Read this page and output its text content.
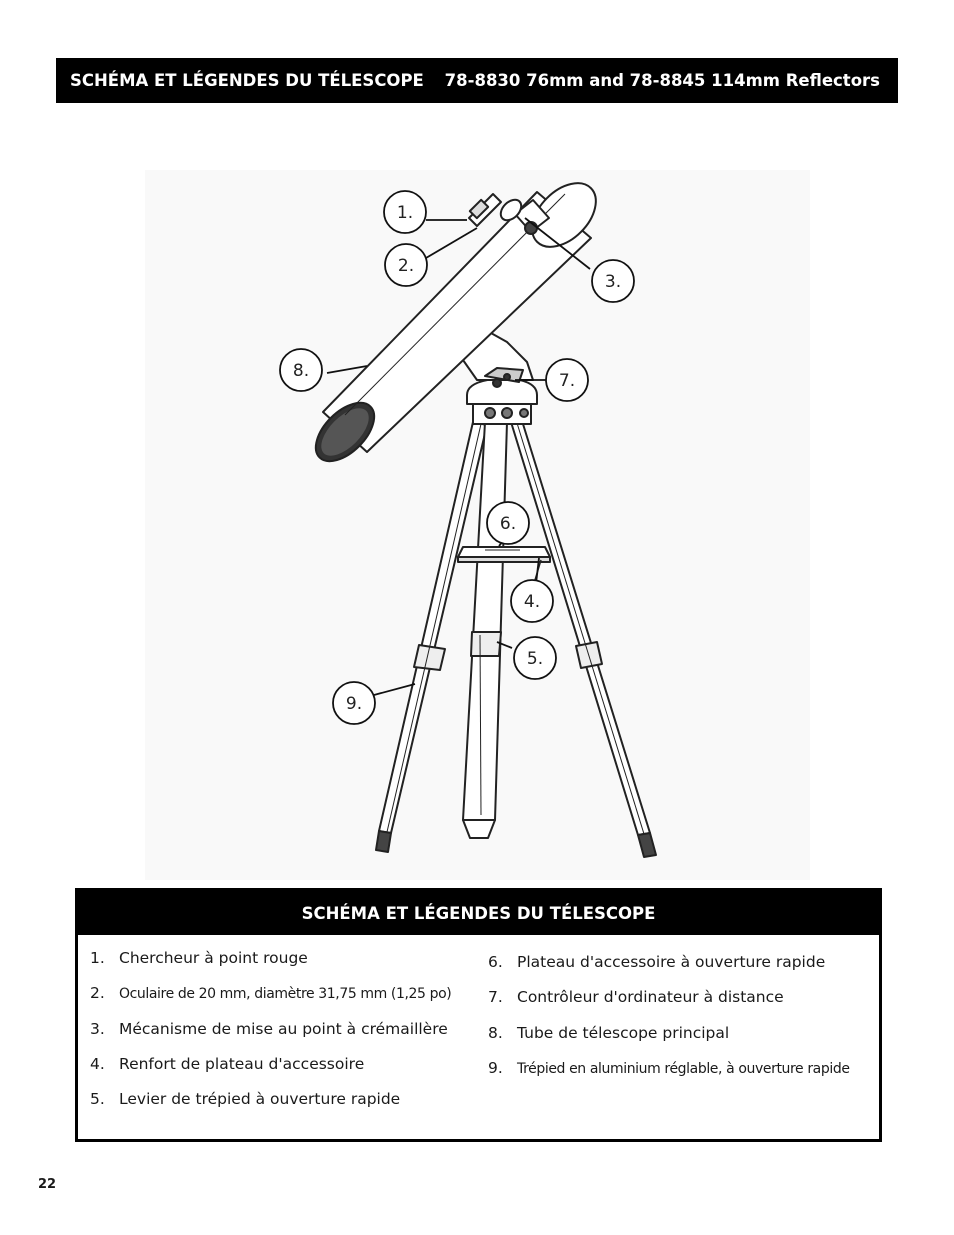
SCHÉMA ET LÉGENDES DU TÉLESCOPE 78-8830 76mm and 78-8845 114mm Reflectors
1.
2.
3.
4.
5.
6.
7.
8.
9.
SCHÉMA ET LÉGENDES DU TÉLESCOPE
1. Chercheur à point rouge
2.	Oculaire de 20 mm, diamètre 31,75 mm (1,25 po)
3. Mécanisme de mise au point à crémaillère
4. Renfort de plateau d'accessoire
5. Levier de trépied à ouverture rapide
6. Plateau d'accessoire à ouverture rapide
7. Contrôleur d'ordinateur à distance
8. Tube de télescope principal
9.	Trépied en aluminium réglable, à ouverture rapide
22
